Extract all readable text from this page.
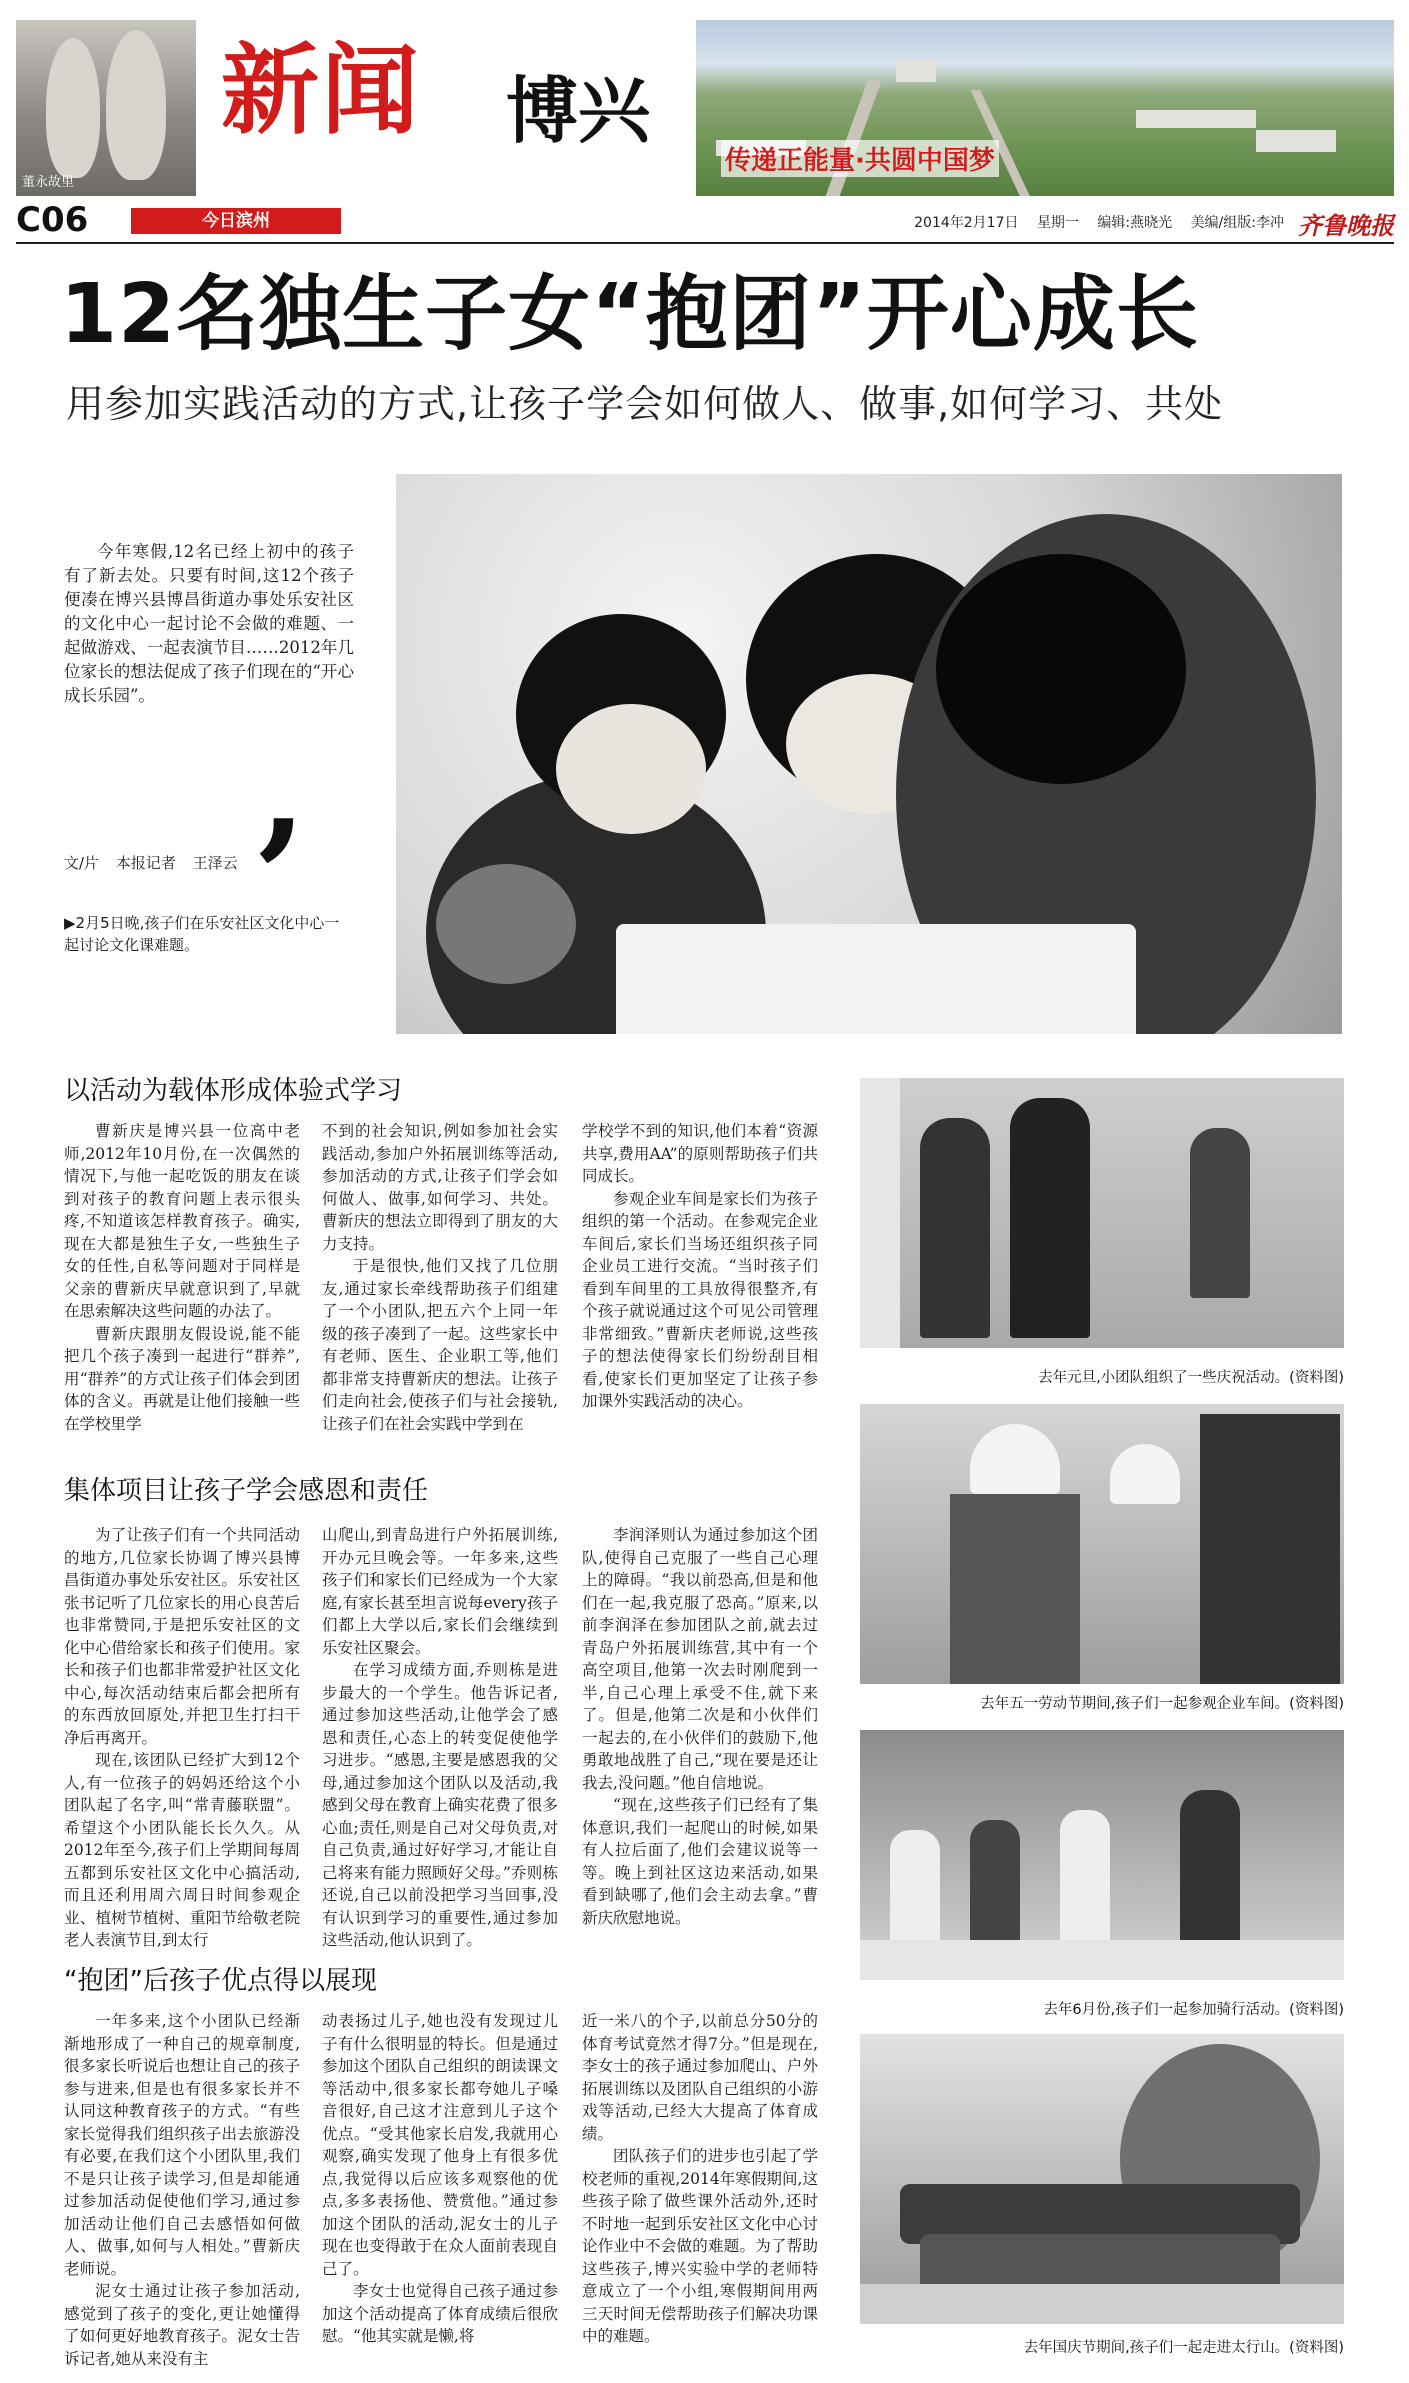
董永故里
新闻 博兴
传递正能量·共圆中国梦
C06	今日滨州	2014年2月17日 星期一 编辑:燕晓光 美编/组版:李冲 齐鲁晚报
12名独生子女“抱团”开心成长
用参加实践活动的方式,让孩子学会如何做人、做事,如何学习、共处
今年寒假,12名已经上初中的孩子有了新去处。只要有时间,这12个孩子便凑在博兴县博昌街道办事处乐安社区的文化中心一起讨论不会做的难题、一起做游戏、一起表演节目……2012年几位家长的想法促成了孩子们现在的“开心成长乐园”。
,
文/片 本报记者 王泽云
▶2月5日晚,孩子们在乐安社区文化中心一起讨论文化课难题。
以活动为载体形成体验式学习

曹新庆是博兴县一位高中老师,2012年10月份,在一次偶然的情况下,与他一起吃饭的朋友在谈到对孩子的教育问题上表示很头疼,不知道该怎样教育孩子。确实,现在大都是独生子女,一些独生子女的任性,自私等问题对于同样是父亲的曹新庆早就意识到了,早就在思索解决这些问题的办法了。

曹新庆跟朋友假设说,能不能把几个孩子凑到一起进行“群养”,用“群养”的方式让孩子们体会到团体的含义。再就是让他们接触一些在学校里学

不到的社会知识,例如参加社会实践活动,参加户外拓展训练等活动,参加活动的方式,让孩子们学会如何做人、做事,如何学习、共处。曹新庆的想法立即得到了朋友的大力支持。

于是很快,他们又找了几位朋友,通过家长牵线帮助孩子们组建了一个小团队,把五六个上同一年级的孩子凑到了一起。这些家长中有老师、医生、企业职工等,他们都非常支持曹新庆的想法。让孩子们走向社会,使孩子们与社会接轨,让孩子们在社会实践中学到在

学校学不到的知识,他们本着“资源共享,费用AA”的原则帮助孩子们共同成长。

参观企业车间是家长们为孩子组织的第一个活动。在参观完企业车间后,家长们当场还组织孩子同企业员工进行交流。“当时孩子们看到车间里的工具放得很整齐,有个孩子就说通过这个可见公司管理非常细致。”曹新庆老师说,这些孩子的想法使得家长们纷纷刮目相看,使家长们更加坚定了让孩子参加课外实践活动的决心。

集体项目让孩子学会感恩和责任

为了让孩子们有一个共同活动的地方,几位家长协调了博兴县博昌街道办事处乐安社区。乐安社区张书记听了几位家长的用心良苦后也非常赞同,于是把乐安社区的文化中心借给家长和孩子们使用。家长和孩子们也都非常爱护社区文化中心,每次活动结束后都会把所有的东西放回原处,并把卫生打扫干净后再离开。

现在,该团队已经扩大到12个人,有一位孩子的妈妈还给这个小团队起了名字,叫“常青藤联盟”。希望这个小团队能长长久久。从2012年至今,孩子们上学期间每周五都到乐安社区文化中心搞活动,而且还利用周六周日时间参观企业、植树节植树、重阳节给敬老院老人表演节目,到太行

山爬山,到青岛进行户外拓展训练,开办元旦晚会等。一年多来,这些孩子们和家长们已经成为一个大家庭,有家长甚至坦言说每every孩子们都上大学以后,家长们会继续到乐安社区聚会。

在学习成绩方面,乔则栋是进步最大的一个学生。他告诉记者,通过参加这些活动,让他学会了感恩和责任,心态上的转变促使他学习进步。“感恩,主要是感恩我的父母,通过参加这个团队以及活动,我感到父母在教育上确实花费了很多心血;责任,则是自己对父母负责,对自己负责,通过好好学习,才能让自己将来有能力照顾好父母。”乔则栋还说,自己以前没把学习当回事,没有认识到学习的重要性,通过参加这些活动,他认识到了。

李润泽则认为通过参加这个团队,使得自己克服了一些自己心理上的障碍。“我以前恐高,但是和他们在一起,我克服了恐高。”原来,以前李润泽在参加团队之前,就去过青岛户外拓展训练营,其中有一个高空项目,他第一次去时刚爬到一半,自己心理上承受不住,就下来了。但是,他第二次是和小伙伴们一起去的,在小伙伴们的鼓励下,他勇敢地战胜了自己,“现在要是还让我去,没问题。”他自信地说。

“现在,这些孩子们已经有了集体意识,我们一起爬山的时候,如果有人拉后面了,他们会建议说等一等。晚上到社区这边来活动,如果看到缺哪了,他们会主动去拿。”曹新庆欣慰地说。

“抱团”后孩子优点得以展现

一年多来,这个小团队已经渐渐地形成了一种自己的规章制度,很多家长听说后也想让自己的孩子参与进来,但是也有很多家长并不认同这种教育孩子的方式。“有些家长觉得我们组织孩子出去旅游没有必要,在我们这个小团队里,我们不是只让孩子读学习,但是却能通过参加活动促使他们学习,通过参加活动让他们自己去感悟如何做人、做事,如何与人相处。”曹新庆老师说。

泥女士通过让孩子参加活动,感觉到了孩子的变化,更让她懂得了如何更好地教育孩子。泥女士告诉记者,她从来没有主

动表扬过儿子,她也没有发现过儿子有什么很明显的特长。但是通过参加这个团队自己组织的朗读课文等活动中,很多家长都夸她儿子嗓音很好,自己这才注意到儿子这个优点。“受其他家长启发,我就用心观察,确实发现了他身上有很多优点,我觉得以后应该多观察他的优点,多多表扬他、赞赏他。”通过参加这个团队的活动,泥女士的儿子现在也变得敢于在众人面前表现自己了。

李女士也觉得自己孩子通过参加这个活动提高了体育成绩后很欣慰。“他其实就是懒,将

近一米八的个子,以前总分50分的体育考试竟然才得7分。”但是现在,李女士的孩子通过参加爬山、户外拓展训练以及团队自己组织的小游戏等活动,已经大大提高了体育成绩。

团队孩子们的进步也引起了学校老师的重视,2014年寒假期间,这些孩子除了做些课外活动外,还时不时地一起到乐安社区文化中心讨论作业中不会做的难题。为了帮助这些孩子,博兴实验中学的老师特意成立了一个小组,寒假期间用两三天时间无偿帮助孩子们解决功课中的难题。

去年元旦,小团队组织了一些庆祝活动。(资料图)
去年五一劳动节期间,孩子们一起参观企业车间。(资料图)
去年6月份,孩子们一起参加骑行活动。(资料图)
去年国庆节期间,孩子们一起走进太行山。(资料图)
